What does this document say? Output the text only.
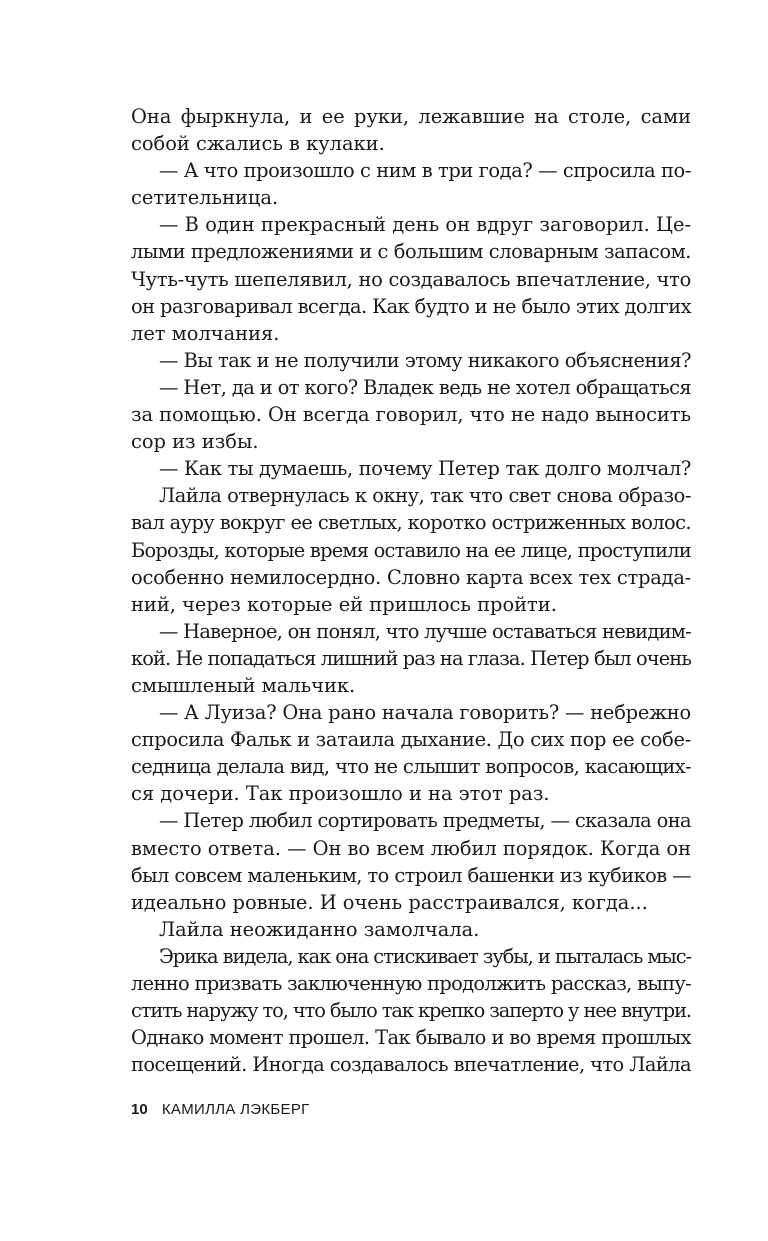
Она фыркнула, и ее руки, лежавшие на столе, сами
собой сжались в кулаки.
— А что произошло с ним в три года? — спросила по-
сетительница.
— В один прекрасный день он вдруг заговорил. Це-
лыми предложениями и с большим словарным запасом.
Чуть-чуть шепелявил, но создавалось впечатление, что
он разговаривал всегда. Как будто и не было этих долгих
лет молчания.
— Вы так и не получили этому никакого объяснения?
— Нет, да и от кого? Владек ведь не хотел обращаться
за помощью. Он всегда говорил, что не надо выносить
сор из избы.
— Как ты думаешь, почему Петер так долго молчал?
Лайла отвернулась к окну, так что свет снова образо-
вал ауру вокруг ее светлых, коротко остриженных волос.
Борозды, которые время оставило на ее лице, проступили
особенно немилосердно. Словно карта всех тех страда-
ний, через которые ей пришлось пройти.
— Наверное, он понял, что лучше оставаться невидим-
кой. Не попадаться лишний раз на глаза. Петер был очень
смышленый мальчик.
— А Луиза? Она рано начала говорить? — небрежно
спросила Фальк и затаила дыхание. До сих пор ее собе-
седница делала вид, что не слышит вопросов, касающих-
ся дочери. Так произошло и на этот раз.
— Петер любил сортировать предметы, — сказала она
вместо ответа. — Он во всем любил порядок. Когда он
был совсем маленьким, то строил башенки из кубиков —
идеально ровные. И очень расстраивался, когда...
Лайла неожиданно замолчала.
Эрика видела, как она стискивает зубы, и пыталась мыс-
ленно призвать заключенную продолжить рассказ, выпу-
стить наружу то, что было так крепко заперто у нее внутри.
Однако момент прошел. Так бывало и во время прошлых
посещений. Иногда создавалось впечатление, что Лайла
10 КАМИЛЛА ЛЭКБЕРГ
